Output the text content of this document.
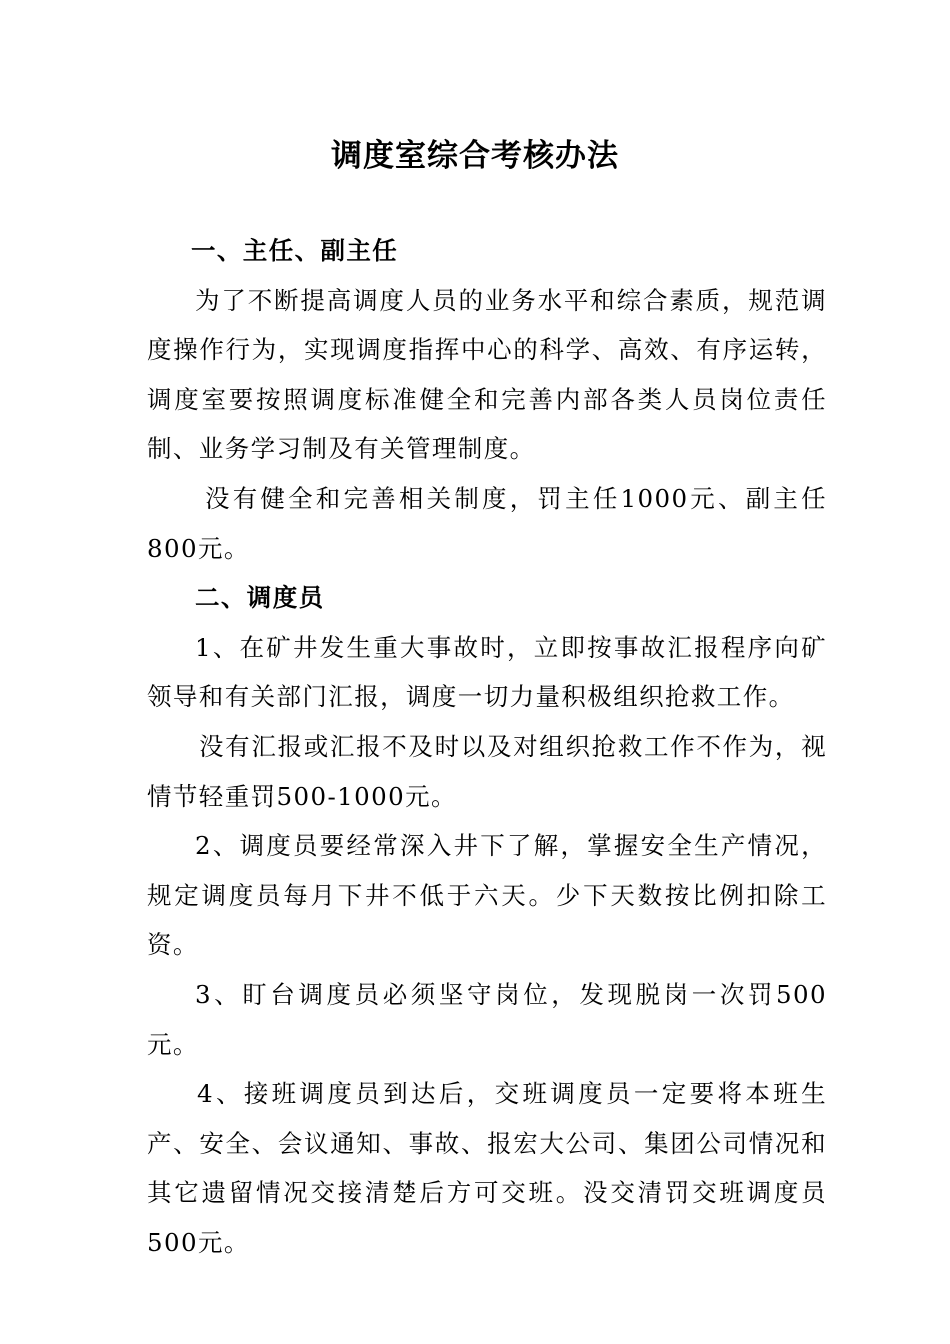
调度室综合考核办法

一、主任、副主任

为了不断提高调度人员的业务水平和综合素质，规范调度操作行为，实现调度指挥中心的科学、高效、有序运转，调度室要按照调度标准健全和完善内部各类人员岗位责任制、业务学习制及有关管理制度。

没有健全和完善相关制度，罚主任1000元、副主任800元。

二、调度员

1、在矿井发生重大事故时，立即按事故汇报程序向矿领导和有关部门汇报，调度一切力量积极组织抢救工作。

没有汇报或汇报不及时以及对组织抢救工作不作为，视情节轻重罚500-1000元。

2、调度员要经常深入井下了解，掌握安全生产情况，规定调度员每月下井不低于六天。少下天数按比例扣除工资。

3、盯台调度员必须坚守岗位，发现脱岗一次罚500元。

4、接班调度员到达后，交班调度员一定要将本班生产、安全、会议通知、事故、报宏大公司、集团公司情况和其它遗留情况交接清楚后方可交班。没交清罚交班调度员500元。
